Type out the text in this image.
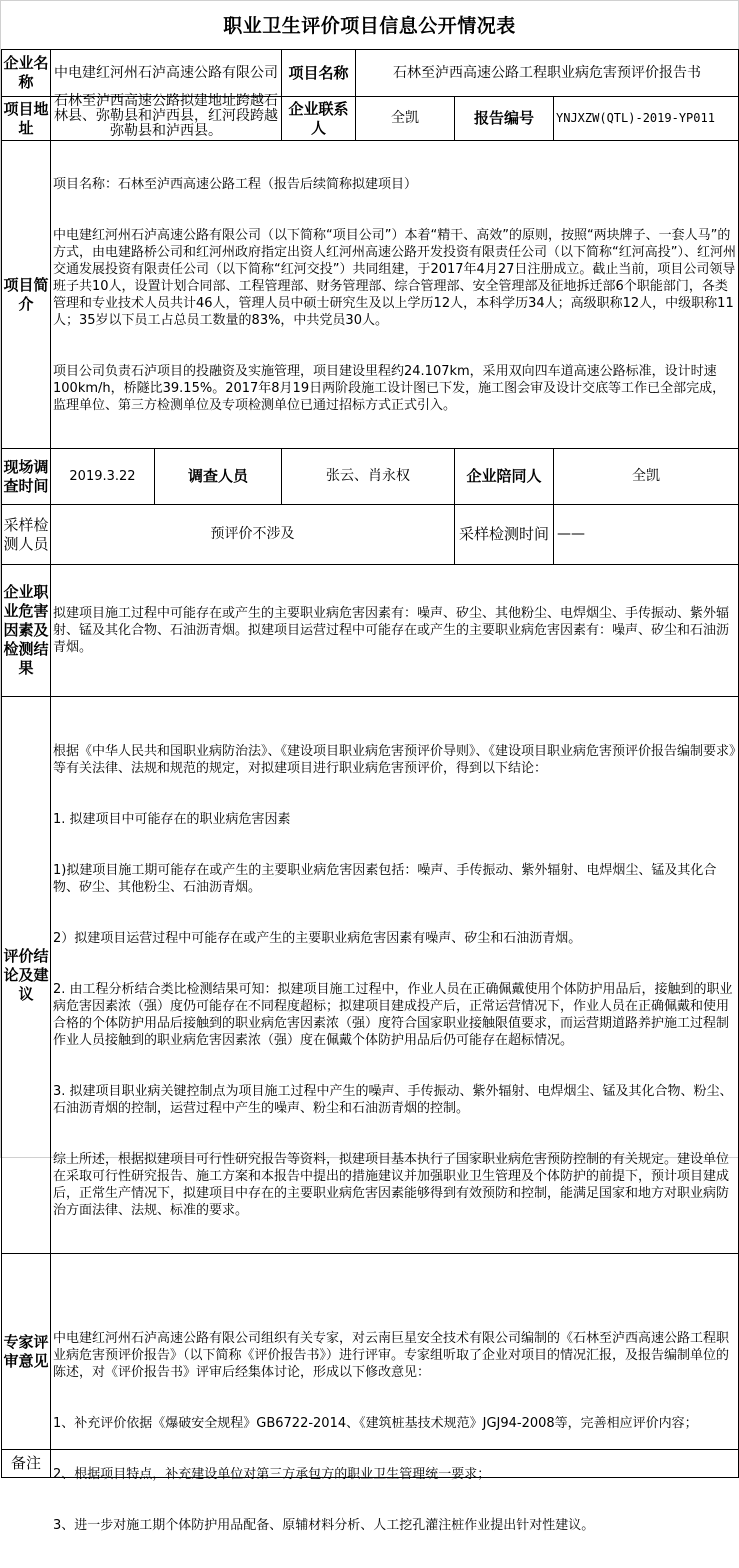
职业卫生评价项目信息公开情况表
企业名称	中电建红河州石泸高速公路有限公司	项目名称	石林至泸西高速公路工程职业病危害预评价报告书
项目地址	
石林至泸西高速公路拟建地址跨越石林县、弥勒县和泸西县，红河段跨越弥勒县和泸西县。
	企业联系人	全凯	报告编号	YNJXZW(QTL)-2019-YP011
项目简介	

项目名称：石林至泸西高速公路工程（报告后续简称拟建项目）

中电建红河州石泸高速公路有限公司（以下简称“项目公司”）本着“精干、高效”的原则，按照“两块牌子、一套人马”的方式，由电建路桥公司和红河州政府指定出资人红河州高速公路开发投资有限责任公司（以下简称“红河高投”）、红河州交通发展投资有限责任公司（以下简称“红河交投”）共同组建，于2017年4月27日注册成立。截止当前，项目公司领导班子共10人，设置计划合同部、工程管理部、财务管理部、综合管理部、安全管理部及征地拆迁部6个职能部门，各类管理和专业技术人员共计46人，管理人员中硕士研究生及以上学历12人，本科学历34人；高级职称12人，中级职称11人；35岁以下员工占总员工数量的83%，中共党员30人。

项目公司负责石泸项目的投融资及实施管理，项目建设里程约24.107km，采用双向四车道高速公路标准，设计时速100km/h，桥隧比39.15%。2017年8月19日两阶段施工设计图已下发，施工图会审及设计交底等工作已全部完成，监理单位、第三方检测单位及专项检测单位已通过招标方式正式引入。

现场调查时间	2019.3.22	调查人员	张云、肖永权	企业陪同人	全凯
采样检测人员	预评价不涉及	采样检测时间	——
企业职业危害因素及检测结果	拟建项目施工过程中可能存在或产生的主要职业病危害因素有：噪声、矽尘、其他粉尘、电焊烟尘、手传振动、紫外辐射、锰及其化合物、石油沥青烟。拟建项目运营过程中可能存在或产生的主要职业病危害因素有：噪声、矽尘和石油沥青烟。
评价结论及建议	

根据《中华人民共和国职业病防治法》、《建设项目职业病危害预评价导则》、《建设项目职业病危害预评价报告编制要求》等有关法律、法规和规范的规定，对拟建项目进行职业病危害预评价，得到以下结论：

1. 拟建项目中可能存在的职业病危害因素

1)拟建项目施工期可能存在或产生的主要职业病危害因素包括：噪声、手传振动、紫外辐射、电焊烟尘、锰及其化合物、矽尘、其他粉尘、石油沥青烟。

2）拟建项目运营过程中可能存在或产生的主要职业病危害因素有噪声、矽尘和石油沥青烟。

2. 由工程分析结合类比检测结果可知：拟建项目施工过程中，作业人员在正确佩戴使用个体防护用品后，接触到的职业病危害因素浓（强）度仍可能存在不同程度超标；拟建项目建成投产后，正常运营情况下，作业人员在正确佩戴和使用合格的个体防护用品后接触到的职业病危害因素浓（强）度符合国家职业接触限值要求，而运营期道路养护施工过程制作业人员接触到的职业病危害因素浓（强）度在佩戴个体防护用品后仍可能存在超标情况。

3. 拟建项目职业病关键控制点为项目施工过程中产生的噪声、手传振动、紫外辐射、电焊烟尘、锰及其化合物、粉尘、石油沥青烟的控制，运营过程中产生的噪声、粉尘和石油沥青烟的控制。

综上所述，根据拟建项目可行性研究报告等资料，拟建项目基本执行了国家职业病危害预防控制的有关规定。建设单位在采取可行性研究报告、施工方案和本报告中提出的措施建议并加强职业卫生管理及个体防护的前提下，预计项目建成后，正常生产情况下，拟建项目中存在的主要职业病危害因素能够得到有效预防和控制，能满足国家和地方对职业病防治方面法律、法规、标准的要求。

专家评审意见	

中电建红河州石泸高速公路有限公司组织有关专家，对云南巨星安全技术有限公司编制的《石林至泸西高速公路工程职业病危害预评价报告》（以下简称《评价报告书》）进行评审。专家组听取了企业对项目的情况汇报，及报告编制单位的陈述，对《评价报告书》评审后经集体讨论，形成以下修改意见：

1、补充评价依据《爆破安全规程》GB6722-2014、《建筑桩基技术规范》JGJ94-2008等，完善相应评价内容；

2、根据项目特点，补充建设单位对第三方承包方的职业卫生管理统一要求；

3、进一步对施工期个体防护用品配备、原辅材料分析、人工挖孔灌注桩作业提出针对性建议。

备注	
